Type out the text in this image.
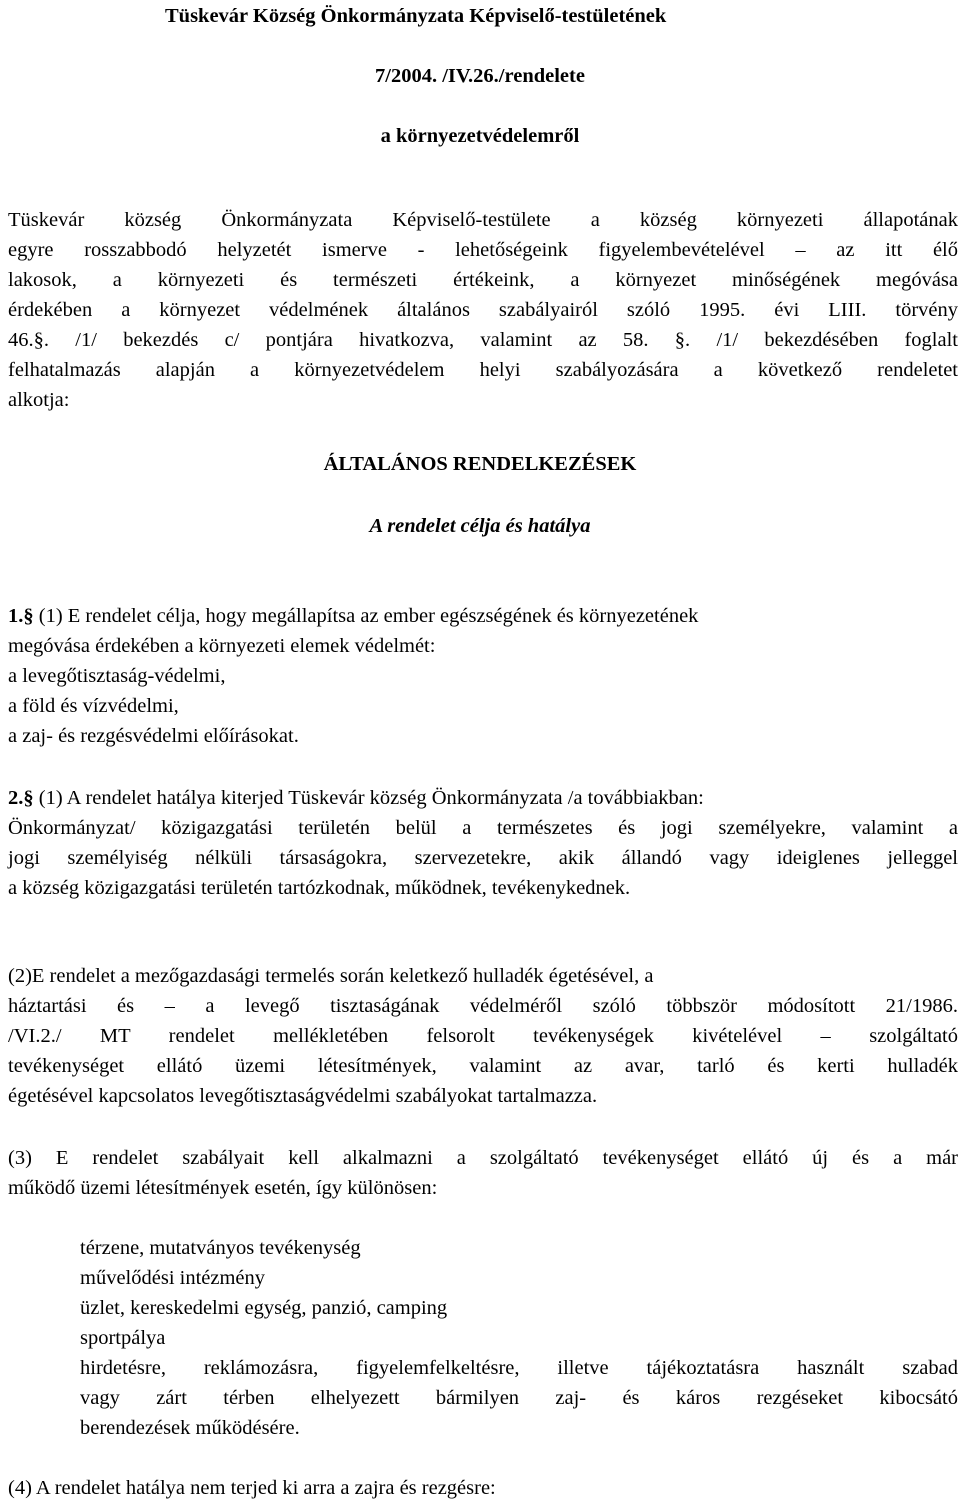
Tüskevár Község Önkormányzata Képviselő-testületének
7/2004. /IV.26./rendelete
a környezetvédelemről
Tüskevár község Önkormányzata Képviselő-testülete a község környezeti állapotának
egyre rosszabbodó helyzetét ismerve - lehetőségeink figyelembevételével – az itt élő
lakosok, a környezeti és természeti értékeink, a környezet minőségének megóvása
érdekében a környezet védelmének általános szabályairól szóló 1995. évi LIII. törvény
46.§. /1/ bekezdés c/ pontjára hivatkozva, valamint az 58. §. /1/ bekezdésében foglalt
felhatalmazás alapján a környezetvédelem helyi szabályozására a következő rendeletet
alkotja:
ÁLTALÁNOS RENDELKEZÉSEK
A rendelet célja és hatálya
1.§ (1) E rendelet célja, hogy megállapítsa az ember egészségének és környezetének
megóvása érdekében a környezeti elemek védelmét:
a levegőtisztaság-védelmi,
a föld és vízvédelmi,
a zaj- és rezgésvédelmi előírásokat.
2.§ (1) A rendelet hatálya kiterjed Tüskevár község Önkormányzata /a továbbiakban:
Önkormányzat/ közigazgatási területén belül a természetes és jogi személyekre, valamint a
jogi személyiség nélküli társaságokra, szervezetekre, akik állandó vagy ideiglenes jelleggel
a község közigazgatási területén tartózkodnak, működnek, tevékenykednek.
(2)E rendelet a mezőgazdasági termelés során keletkező hulladék égetésével, a
háztartási és – a levegő tisztaságának védelméről szóló többször módosított 21/1986.
/VI.2./ MT rendelet mellékletében felsorolt tevékenységek kivételével – szolgáltató
tevékenységet ellátó üzemi létesítmények, valamint az avar, tarló és kerti hulladék
égetésével kapcsolatos levegőtisztaságvédelmi szabályokat tartalmazza.
(3) E rendelet szabályait kell alkalmazni a szolgáltató tevékenységet ellátó új és a már
működő üzemi létesítmények esetén, így különösen:
térzene, mutatványos tevékenység
művelődési intézmény
üzlet, kereskedelmi egység, panzió, camping
sportpálya
hirdetésre, reklámozásra, figyelemfelkeltésre, illetve tájékoztatásra használt szabad
vagy zárt térben elhelyezett bármilyen zaj- és káros rezgéseket kibocsátó
berendezések működésére.
(4) A rendelet hatálya nem terjed ki arra a zajra és rezgésre:
